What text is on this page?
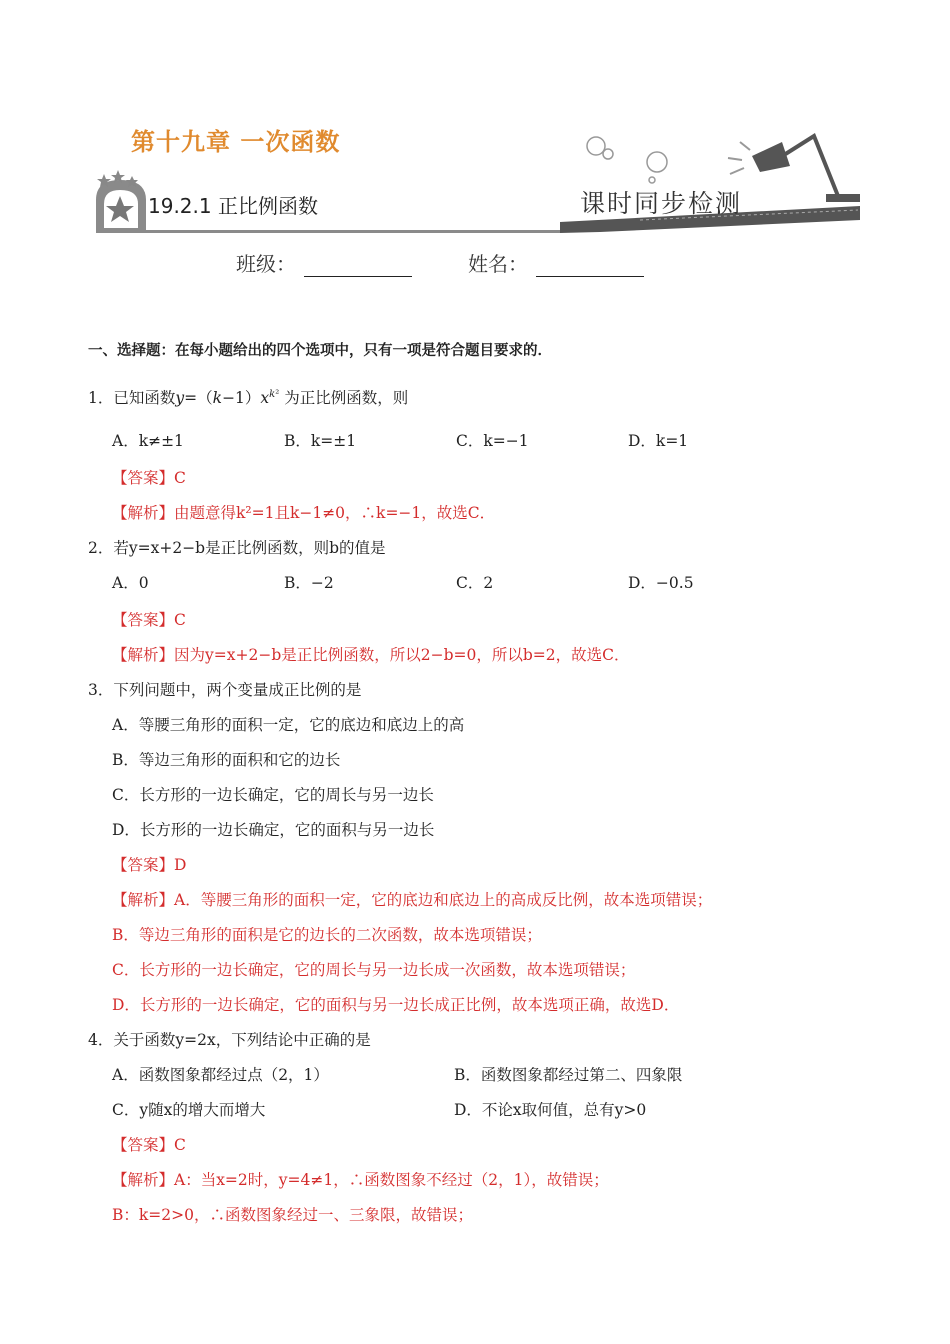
第十九章 一次函数
19.2.1 正比例函数	课时同步检测
班级：	姓名：
一、选择题：在每小题给出的四个选项中，只有一项是符合题目要求的．
1．已知函数$y=(k-1)x^{k^2}$ 为正比例函数，则
A．k≠±1	B．k=±1	C．k=−1	D．k=1
【答案】C
【解析】由题意得k²=1且k−1≠0，∴k=−1，故选C．
2．若y=x+2−b是正比例函数，则b的值是
A．0	B．−2	C．2	D．−0.5
【答案】C
【解析】因为y=x+2−b是正比例函数，所以2−b=0，所以b=2，故选C．
3．下列问题中，两个变量成正比例的是
A．等腰三角形的面积一定，它的底边和底边上的高
B．等边三角形的面积和它的边长
C．长方形的一边长确定，它的周长与另一边长
D．长方形的一边长确定，它的面积与另一边长
【答案】D
【解析】A．等腰三角形的面积一定，它的底边和底边上的高成反比例，故本选项错误；
B．等边三角形的面积是它的边长的二次函数，故本选项错误；
C．长方形的一边长确定，它的周长与另一边长成一次函数，故本选项错误；
D．长方形的一边长确定，它的面积与另一边长成正比例，故本选项正确，故选D．
4．关于函数y=2x，下列结论中正确的是
A．函数图象都经过点（2，1）	B．函数图象都经过第二、四象限
C．y随x的增大而增大	D．不论x取何值，总有y>0
【答案】C
【解析】A：当x=2时，y=4≠1，∴函数图象不经过（2，1），故错误；
B：k=2>0，∴函数图象经过一、三象限，故错误；
